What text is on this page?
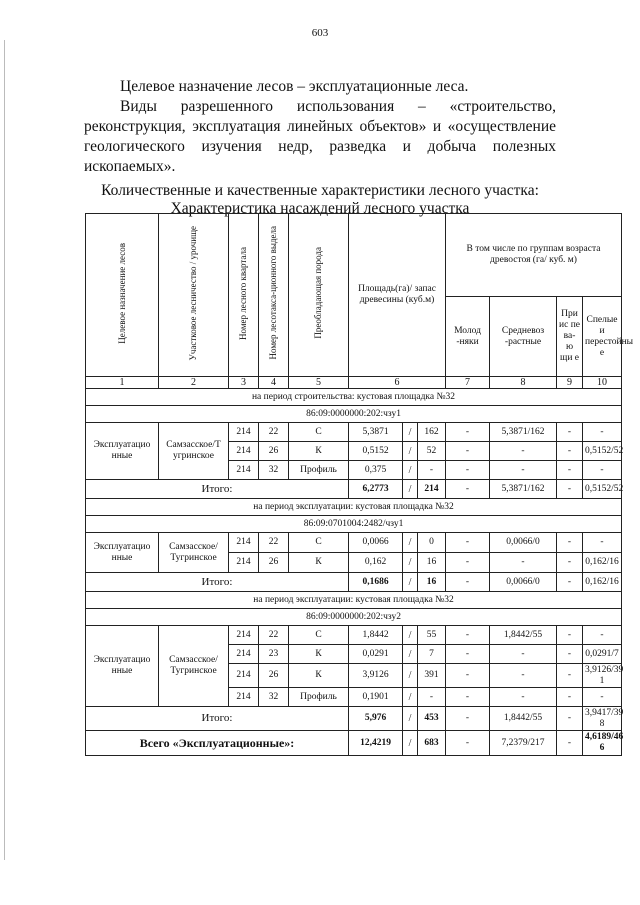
603

Целевое назначение лесов – эксплуатационные леса.

Виды разрешенного использования – «строительство, реконструкция, эксплуатация линейных объектов» и «осуществление геологического изучения недр, разведка и добыча полезных ископаемых».

Количественные и качественные характеристики лесного участка:
Характеристика насаждений лесного участка
Целевое назначение лесов	Участковое лесничество / урочище	Номер лесного квартала	Номер лесотакса-ционного выдела	Преобладающая порода	Площадь(га)/ запас древесины (куб.м)			В том числе по группам возраста древостоя (га/ куб. м)			
								Молод -няки	Средневоз -растные	При ис пе ва- ю щи е	Спелые и перестойны е
1	2	3	4	5	6			7	8	9	10
на период строительства: кустовая площадка №32											
86:09:0000000:202:чзу1											
Эксплуатацио нные	Самзасское/Т угринское	214	22	С	5,3871	/	162	-	5,3871/162	-	-
		214	26	К	0,5152	/	52	-	-	-	0,5152/52
		214	32	Профиль	0,375	/	-	-	-	-	-
Итого:					6,2773	/	214	-	5,3871/162	-	0,5152/52
на период эксплуатации: кустовая площадка №32											
86:09:0701004:2482/чзу1											
Эксплуатацио нные	Самзасское/ Тугринское	214	22	С	0,0066	/	0	-	0,0066/0	-	-
		214	26	К	0,162	/	16	-	-	-	0,162/16
Итого:					0,1686	/	16	-	0,0066/0	-	0,162/16
на период эксплуатации: кустовая площадка №32											
86:09:0000000:202:чзу2											
Эксплуатацио нные	Самзасское/ Тугринское	214	22	С	1,8442	/	55	-	1,8442/55	-	-
		214	23	К	0,0291	/	7	-	-	-	0,0291/7
		214	26	К	3,9126	/	391	-	-	-	3,9126/39 1
		214	32	Профиль	0,1901	/	-	-	-	-	-
Итого:					5,976	/	453	-	1,8442/55	-	3,9417/39 8
Всего «Эксплуатационные»:					12,4219	/	683	-	7,2379/217	-	4,6189/46 6
